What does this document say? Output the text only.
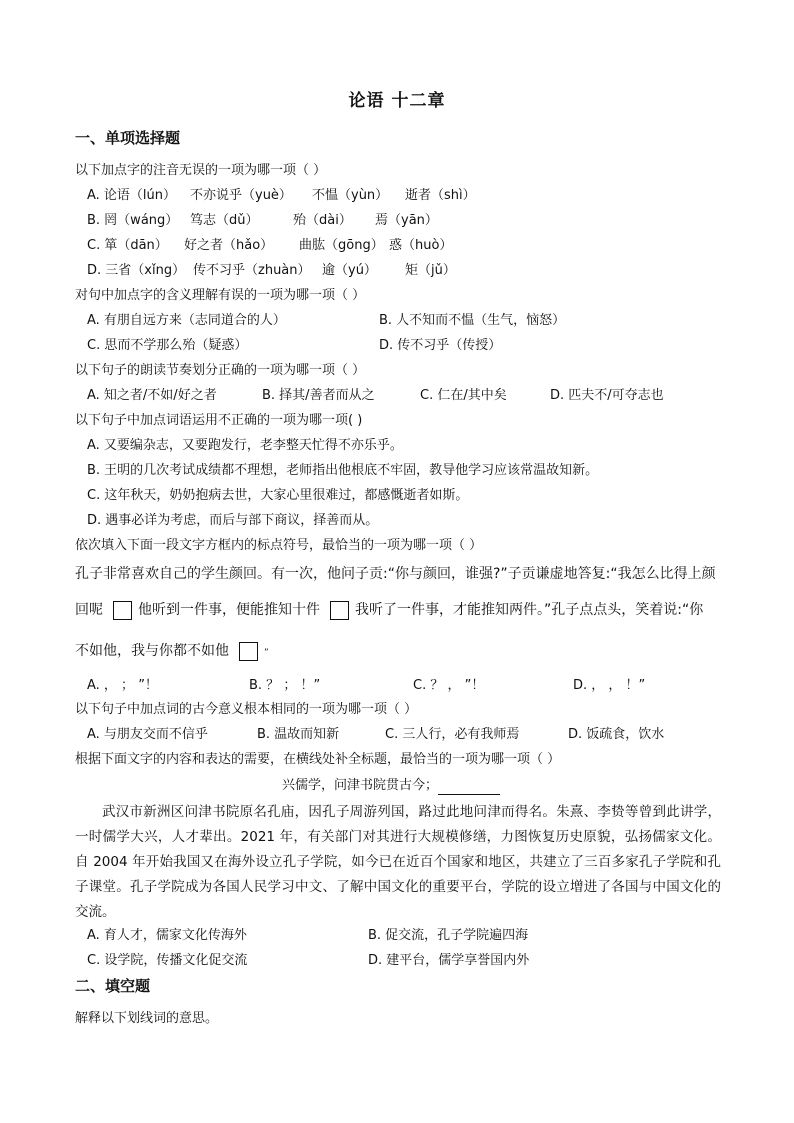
论语 十二章
一、单项选择题
以下加点字的注音无误的一项为哪一项（ ）
A. 论语（lún） 不亦说乎（yuè） 不愠（yùn） 逝者（shì）
B. 罔（wáng） 笃志（dǔ）	殆（dài） 焉（yān）
C. 箪（dān） 好之者（hǎo） 曲肱（gōng） 惑（huò）
D. 三省（xǐng） 传不习乎（zhuàn） 逾（yú） 矩（jǔ）
对句中加点字的含义理解有误的一项为哪一项（ ）
A. 有朋自远方来（志同道合的人）	B. 人不知而不愠（生气，恼怒）
C. 思而不学那么殆（疑惑）	D. 传不习乎（传授）
以下句子的朗读节奏划分正确的一项为哪一项（ ）
A. 知之者/不如/好之者	B. 择其/善者而从之	C. 仁在/其中矣	D. 匹夫不/可夺志也
以下句子中加点词语运用不正确的一项为哪一项( )
A. 又要编杂志，又要跑发行，老李整天忙得不亦乐乎。
B. 王明的几次考试成绩都不理想，老师指出他根底不牢固，教导他学习应该常温故知新。
C. 这年秋天，奶奶抱病去世，大家心里很难过，都感慨逝者如斯。
D. 遇事必详为考虑，而后与部下商议，择善而从。
依次填入下面一段文字方框内的标点符号，最恰当的一项为哪一项（ ）
孔子非常喜欢自己的学生颜回。有一次，他问子贡:“你与颜回，谁强?”子贡谦虚地答复:“我怎么比得上颜
回呢	他听到一件事，便能推知十件	我听了一件事，才能推知两件。”孔子点点头，笑着说:“你
不如他，我与你都不如他	”
A. ， ； ”！	B. ？ ； ！”	C. ？ ， ”！	D. ， ， ！”
以下句子中加点词的古今意义根本相同的一项为哪一项（ ）
A. 与朋友交而不信乎	B. 温故而知新	C. 三人行，必有我师焉	D. 饭疏食，饮水
根据下面文字的内容和表达的需要，在横线处补全标题，最恰当的一项为哪一项（ ）
兴儒学，问津书院贯古今；

武汉市新洲区问津书院原名孔庙，因孔子周游列国，路过此地问津而得名。朱熹、李贽等曾到此讲学，一时儒学大兴，人才辈出。2021 年，有关部门对其进行大规模修缮，力图恢复历史原貌，弘扬儒家文化。自 2004 年开始我国又在海外设立孔子学院，如今已在近百个国家和地区，共建立了三百多家孔子学院和孔子课堂。孔子学院成为各国人民学习中文、了解中国文化的重要平台，学院的设立增进了各国与中国文化的交流。

A. 育人才，儒家文化传海外	B. 促交流，孔子学院遍四海
C. 设学院，传播文化促交流	D. 建平台，儒学享誉国内外
二、填空题
解释以下划线词的意思。
